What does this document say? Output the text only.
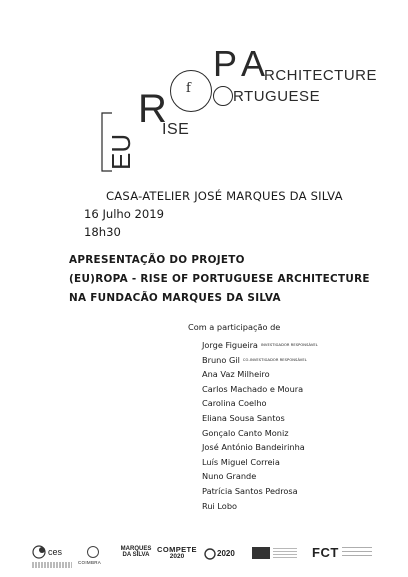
EU
R
ISE
f
P A
RCHITECTURE
RTUGUESE
CASA-ATELIER JOSÉ MARQUES DA SILVA
16 Julho 2019
18h30
APRESENTAÇÃO DO PROJETO
(EU)ROPA - RISE OF PORTUGUESE ARCHITECTURE
NA FUNDACÃO MARQUES DA SILVA
Com a participação de
Jorge Figueira INVESTIGADOR RESPONSÁVEL
Bruno Gil CO-INVESTIGADOR RESPONSÁVEL
Ana Vaz Milheiro
Carlos Machado e Moura
Carolina Coelho
Eliana Sousa Santos
Gonçalo Canto Moniz
José António Bandeirinha
Luís Miguel Correia
Nuno Grande
Patrícia Santos Pedrosa
Rui Lobo
ces
COIMBRA
MARQUES DA SILVA
COMPETE
2020	2020	FCT
